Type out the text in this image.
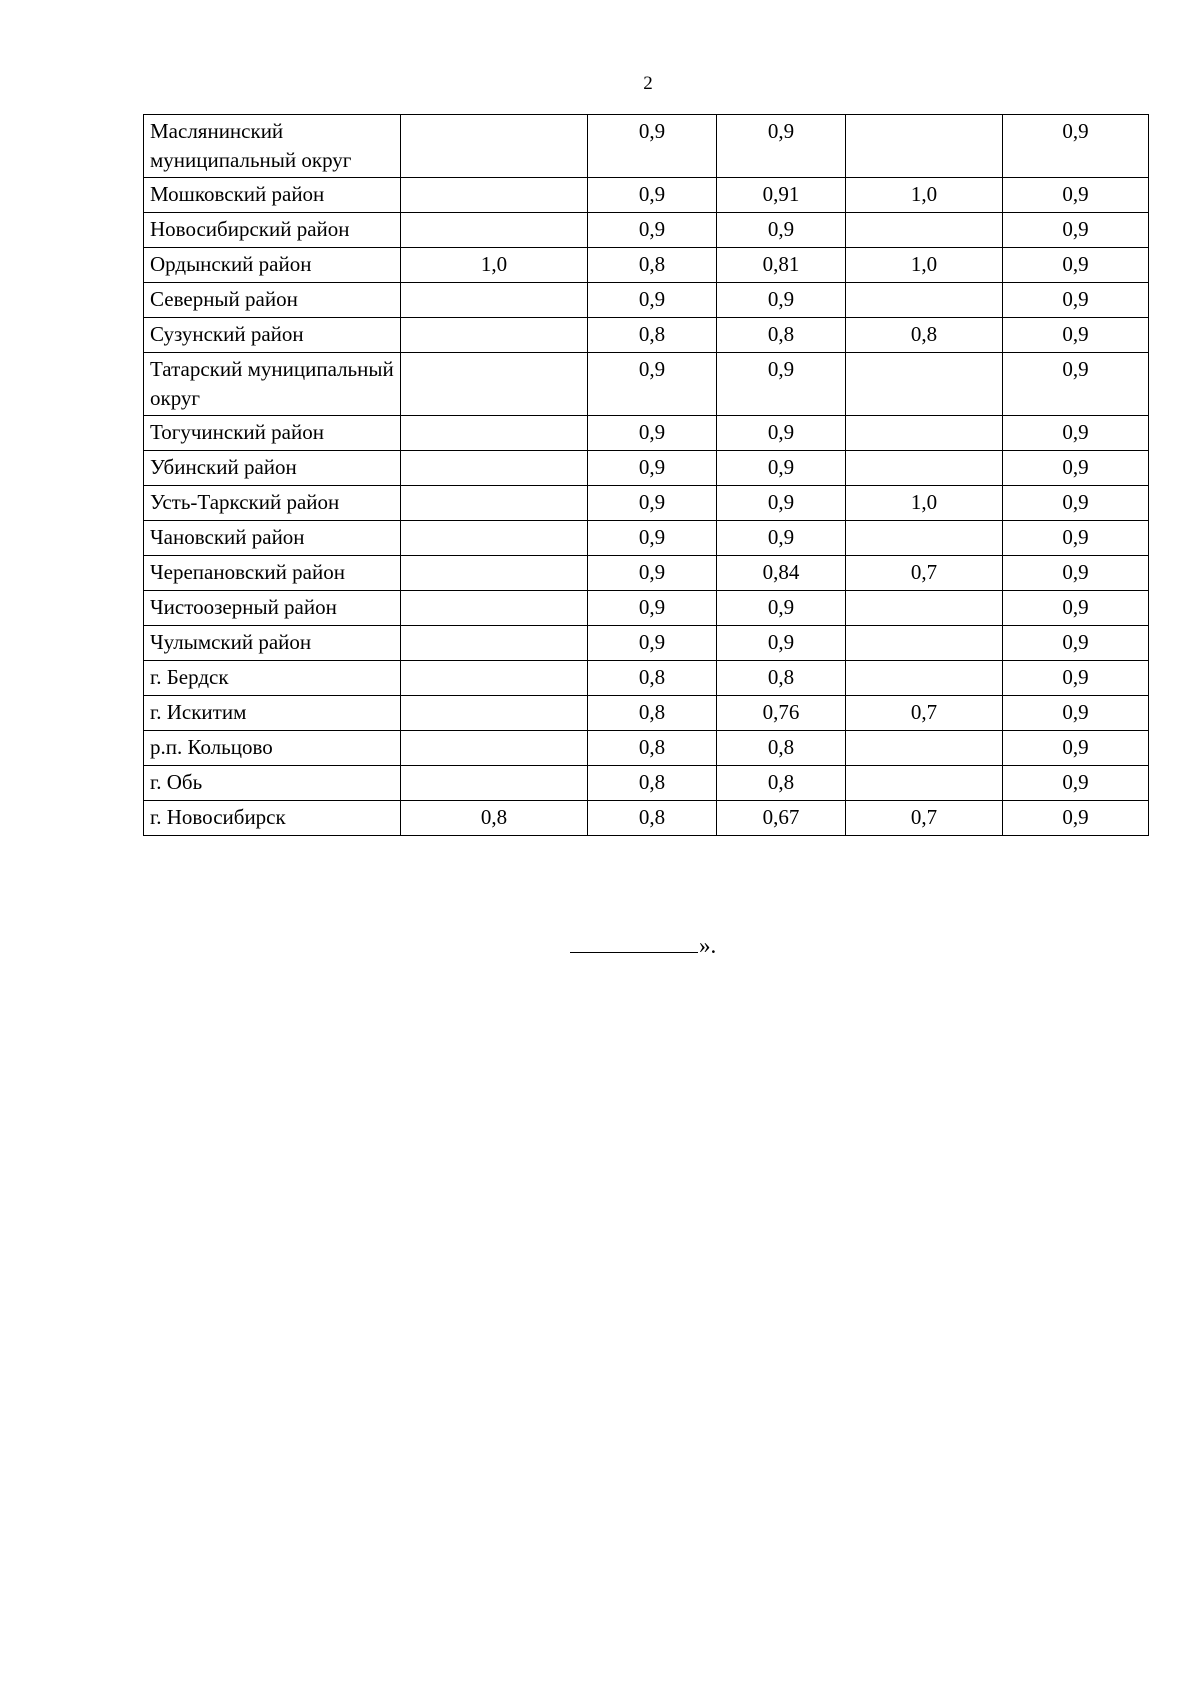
2
Маслянинский муниципальный округ		0,9	0,9		0,9
Мошковский район		0,9	0,91	1,0	0,9
Новосибирский район		0,9	0,9		0,9
Ордынский район	1,0	0,8	0,81	1,0	0,9
Северный район		0,9	0,9		0,9
Сузунский район		0,8	0,8	0,8	0,9
Татарский муниципальный округ		0,9	0,9		0,9
Тогучинский район		0,9	0,9		0,9
Убинский район		0,9	0,9		0,9
Усть-Таркский район		0,9	0,9	1,0	0,9
Чановский район		0,9	0,9		0,9
Черепановский район		0,9	0,84	0,7	0,9
Чистоозерный район		0,9	0,9		0,9
Чулымский район		0,9	0,9		0,9
г. Бердск		0,8	0,8		0,9
г. Искитим		0,8	0,76	0,7	0,9
р.п. Кольцово		0,8	0,8		0,9
г. Обь		0,8	0,8		0,9
г. Новосибирск	0,8	0,8	0,67	0,7	0,9
».
